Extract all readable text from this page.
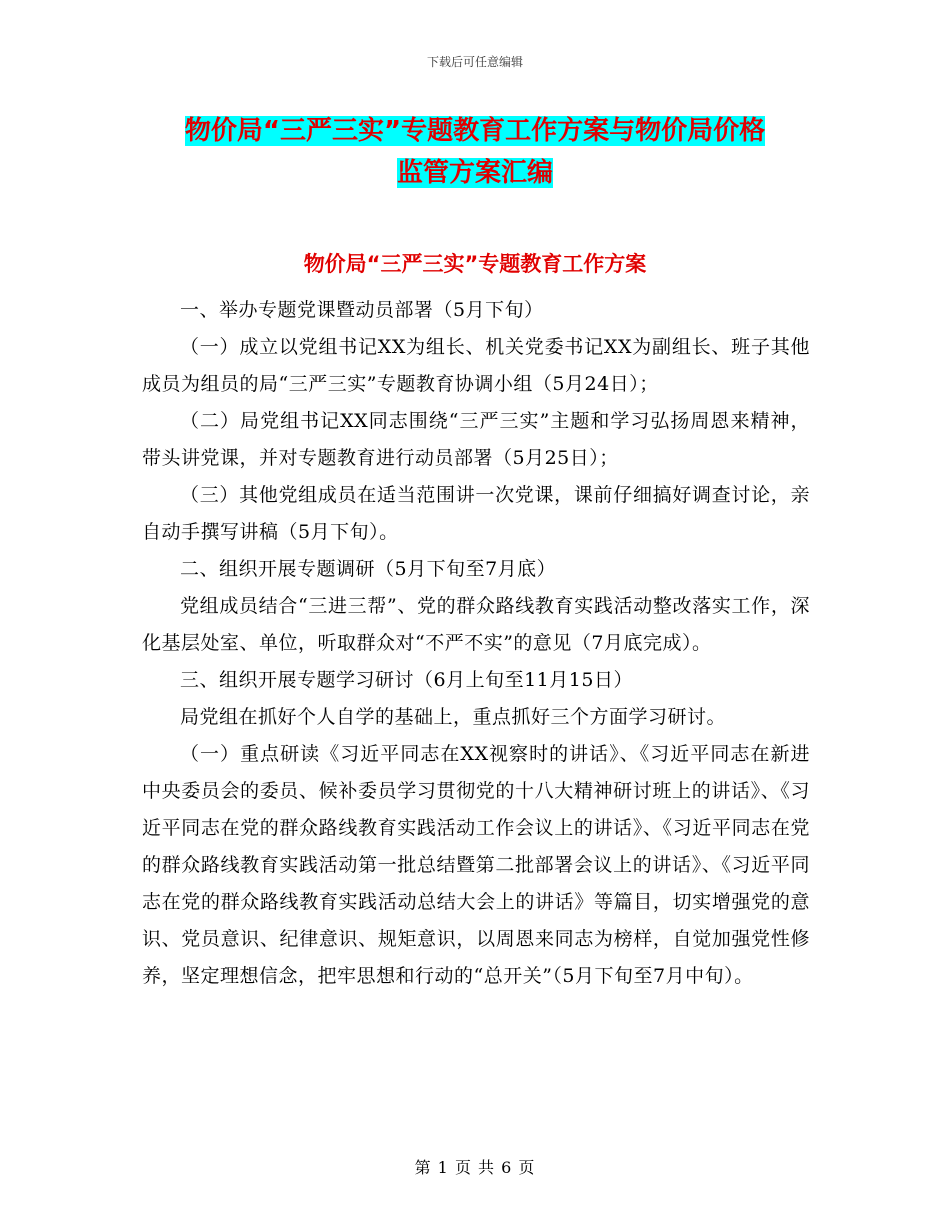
下载后可任意编辑
物价局“三严三实”专题教育工作方案与物价局价格
监管方案汇编
物价局“三严三实”专题教育工作方案

一、举办专题党课暨动员部署（5月下旬）

（一）成立以党组书记XX为组长、机关党委书记XX为副组长、班子其他成员为组员的局“三严三实”专题教育协调小组（5月24日）；

（二）局党组书记XX同志围绕“三严三实”主题和学习弘扬周恩来精神，带头讲党课，并对专题教育进行动员部署（5月25日）；

（三）其他党组成员在适当范围讲一次党课，课前仔细搞好调查讨论，亲自动手撰写讲稿（5月下旬）。

二、组织开展专题调研（5月下旬至7月底）

党组成员结合“三进三帮”、党的群众路线教育实践活动整改落实工作，深化基层处室、单位，听取群众对“不严不实”的意见（7月底完成）。

三、组织开展专题学习研讨（6月上旬至11月15日）

局党组在抓好个人自学的基础上，重点抓好三个方面学习研讨。

（一）重点研读《习近平同志在XX视察时的讲话》、《习近平同志在新进中央委员会的委员、候补委员学习贯彻党的十八大精神研讨班上的讲话》、《习近平同志在党的群众路线教育实践活动工作会议上的讲话》、《习近平同志在党的群众路线教育实践活动第一批总结暨第二批部署会议上的讲话》、《习近平同志在党的群众路线教育实践活动总结大会上的讲话》等篇目，切实增强党的意识、党员意识、纪律意识、规矩意识，以周恩来同志为榜样，自觉加强党性修养，坚定理想信念，把牢思想和行动的“总开关”（5月下旬至7月中旬）。

第 1 页 共 6 页
